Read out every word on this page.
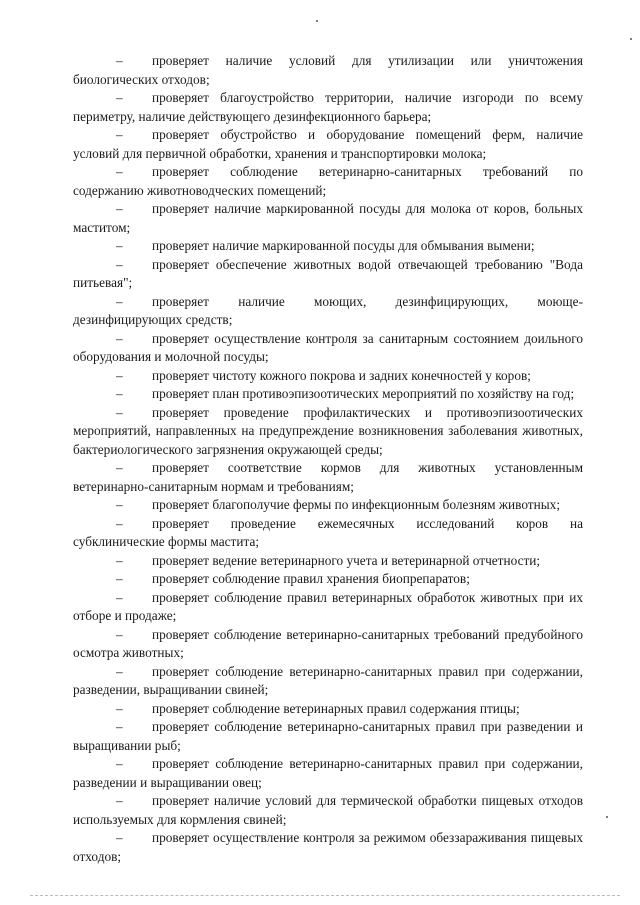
– проверяет наличие условий для утилизации или уничтожения биологических отходов;

– проверяет благоустройство территории, наличие изгороди по всему периметру, наличие действующего дезинфекционного барьера;

– проверяет обустройство и оборудование помещений ферм, наличие условий для первичной обработки, хранения и транспортировки молока;

– проверяет соблюдение ветеринарно-санитарных требований по содержанию животноводческих помещений;

– проверяет наличие маркированной посуды для молока от коров, больных маститом;

– проверяет наличие маркированной посуды для обмывания вымени;

– проверяет обеспечение животных водой отвечающей требованию "Вода питьевая";

– проверяет наличие моющих, дезинфицирующих, моюще-дезинфицирующих средств;

– проверяет осуществление контроля за санитарным состоянием доильного оборудования и молочной посуды;

– проверяет чистоту кожного покрова и задних конечностей у коров;

– проверяет план противоэпизоотических мероприятий по хозяйству на год;

– проверяет проведение профилактических и противоэпизоотических мероприятий, направленных на предупреждение возникновения заболевания животных, бактериологического загрязнения окружающей среды;

– проверяет соответствие кормов для животных установленным ветеринарно-санитарным нормам и требованиям;

– проверяет благополучие фермы по инфекционным болезням животных;

– проверяет проведение ежемесячных исследований коров на субклинические формы мастита;

– проверяет ведение ветеринарного учета и ветеринарной отчетности;

– проверяет соблюдение правил хранения биопрепаратов;

– проверяет соблюдение правил ветеринарных обработок животных при их отборе и продаже;

– проверяет соблюдение ветеринарно-санитарных требований предубойного осмотра животных;

– проверяет соблюдение ветеринарно-санитарных правил при содержании, разведении, выращивании свиней;

– проверяет соблюдение ветеринарных правил содержания птицы;

– проверяет соблюдение ветеринарно-санитарных правил при разведении и выращивании рыб;

– проверяет соблюдение ветеринарно-санитарных правил при содержании, разведении и выращивании овец;

– проверяет наличие условий для термической обработки пищевых отходов используемых для кормления свиней;

– проверяет осуществление контроля за режимом обеззараживания пищевых отходов;
